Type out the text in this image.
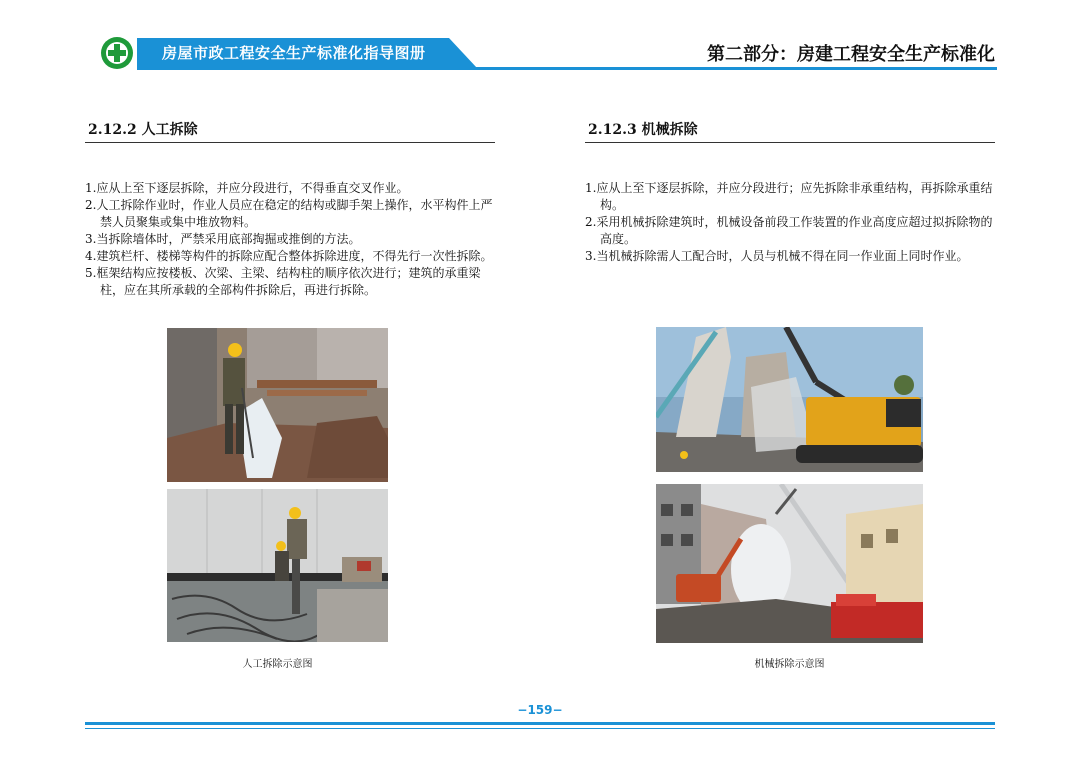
房屋市政工程安全生产标准化指导图册	第二部分：房建工程安全生产标准化
2.12.2 人工拆除
1.应从上至下逐层拆除，并应分段进行，不得垂直交叉作业。
2.人工拆除作业时，作业人员应在稳定的结构或脚手架上操作，水平构件上严禁人员聚集或集中堆放物料。
3.当拆除墙体时，严禁采用底部掏掘或推倒的方法。
4.建筑栏杆、楼梯等构件的拆除应配合整体拆除进度，不得先行一次性拆除。
5.框架结构应按楼板、次梁、主梁、结构柱的顺序依次进行；建筑的承重梁柱，应在其所承载的全部构件拆除后，再进行拆除。
人工拆除示意图
2.12.3 机械拆除
1.应从上至下逐层拆除，并应分段进行；应先拆除非承重结构，再拆除承重结构。
2.采用机械拆除建筑时，机械设备前段工作装置的作业高度应超过拟拆除物的高度。
3.当机械拆除需人工配合时，人员与机械不得在同一作业面上同时作业。
机械拆除示意图
−159−
